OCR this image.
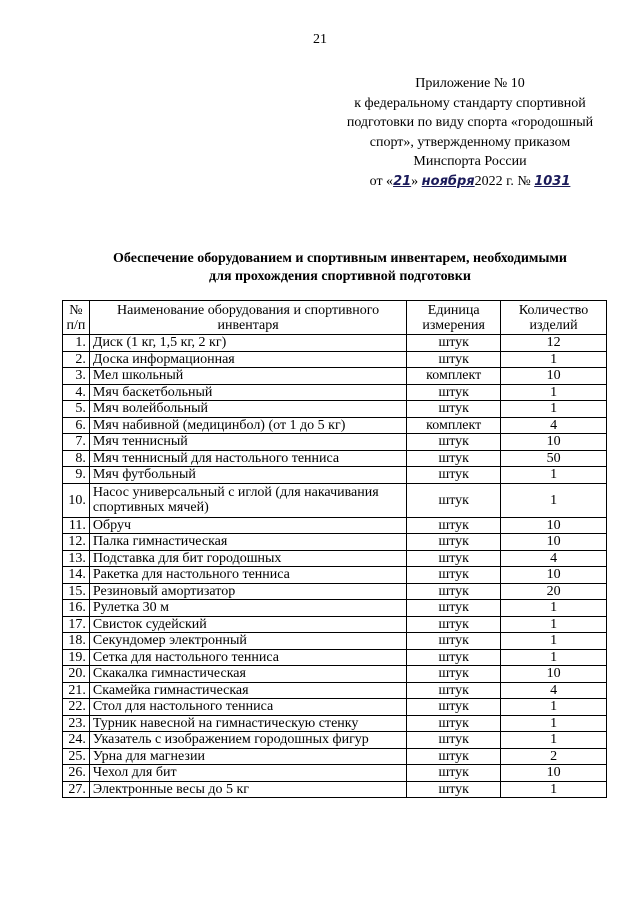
21
Приложение № 10
к федеральному стандарту спортивной
подготовки по виду спорта «городошный
спорт», утвержденному приказом
Минспорта России
от «21» ноября2022 г. № 1031
Обеспечение оборудованием и спортивным инвентарем, необходимыми
для прохождения спортивной подготовки
№ п/п	Наименование оборудования и спортивного инвентаря	Единица измерения	Количество изделий
1.	Диск (1 кг, 1,5 кг, 2 кг)	штук	12
2.	Доска информационная	штук	1
3.	Мел школьный	комплект	10
4.	Мяч баскетбольный	штук	1
5.	Мяч волейбольный	штук	1
6.	Мяч набивной (медицинбол) (от 1 до 5 кг)	комплект	4
7.	Мяч теннисный	штук	10
8.	Мяч теннисный для настольного тенниса	штук	50
9.	Мяч футбольный	штук	1
10.	Насос универсальный с иглой (для накачивания спортивных мячей)	штук	1
11.	Обруч	штук	10
12.	Палка гимнастическая	штук	10
13.	Подставка для бит городошных	штук	4
14.	Ракетка для настольного тенниса	штук	10
15.	Резиновый амортизатор	штук	20
16.	Рулетка 30 м	штук	1
17.	Свисток судейский	штук	1
18.	Секундомер электронный	штук	1
19.	Сетка для настольного тенниса	штук	1
20.	Скакалка гимнастическая	штук	10
21.	Скамейка гимнастическая	штук	4
22.	Стол для настольного тенниса	штук	1
23.	Турник навесной на гимнастическую стенку	штук	1
24.	Указатель с изображением городошных фигур	штук	1
25.	Урна для магнезии	штук	2
26.	Чехол для бит	штук	10
27.	Электронные весы до 5 кг	штук	1
